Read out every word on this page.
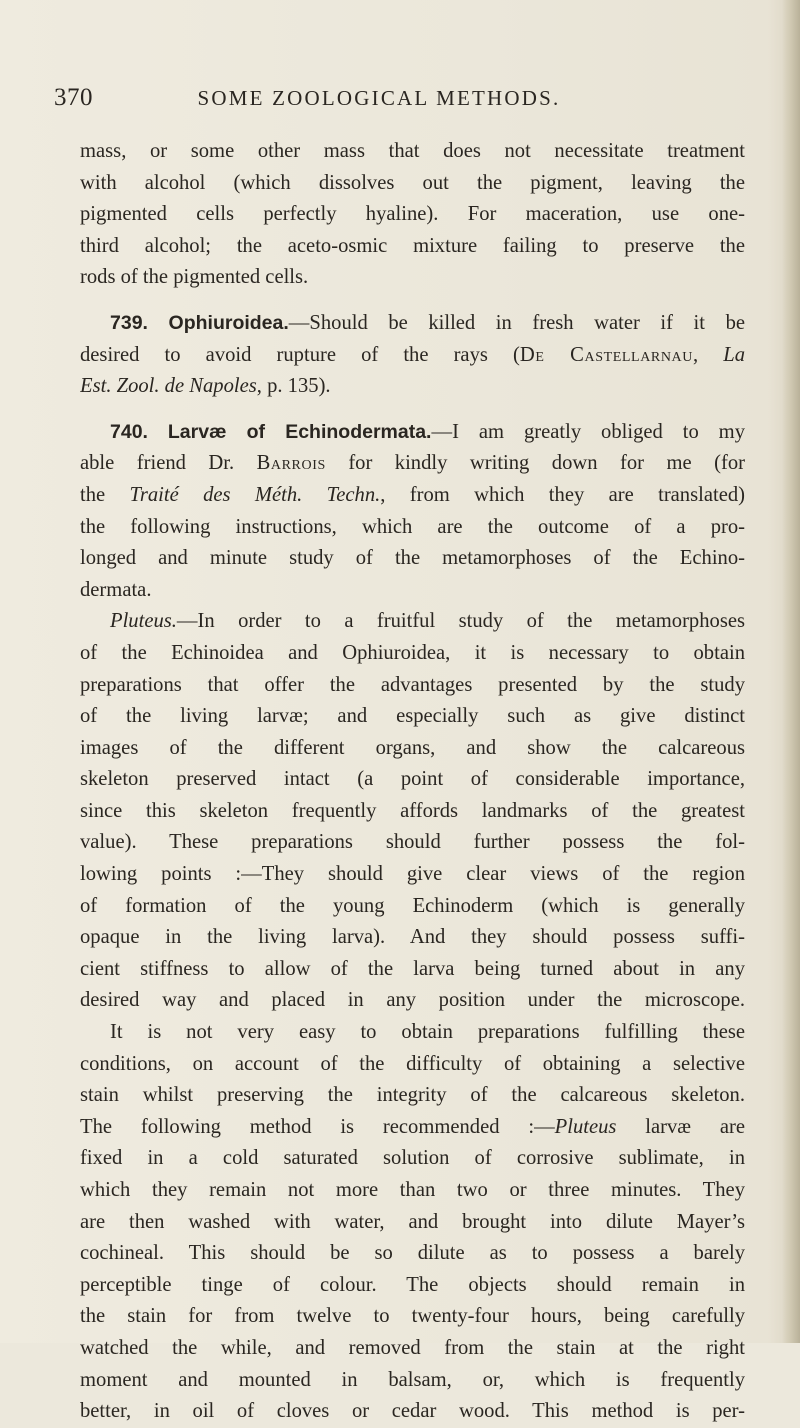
370	SOME ZOOLOGICAL METHODS.
mass, or some other mass that does not necessitate treatment
with alcohol (which dissolves out the pigment, leaving the
pigmented cells perfectly hyaline). For maceration, use one-
third alcohol; the aceto-osmic mixture failing to preserve the
rods of the pigmented cells.
739. Ophiuroidea.—Should be killed in fresh water if it be
desired to avoid rupture of the rays (De Castellarnau, La
Est. Zool. de Napoles, p. 135).
740. Larvæ of Echinodermata.—I am greatly obliged to my
able friend Dr. Barrois for kindly writing down for me (for
the Traité des Méth. Techn., from which they are translated)
the following instructions, which are the outcome of a pro-
longed and minute study of the metamorphoses of the Echino-
dermata.
Pluteus.—In order to a fruitful study of the metamorphoses
of the Echinoidea and Ophiuroidea, it is necessary to obtain
preparations that offer the advantages presented by the study
of the living larvæ; and especially such as give distinct
images of the different organs, and show the calcareous
skeleton preserved intact (a point of considerable importance,
since this skeleton frequently affords landmarks of the greatest
value). These preparations should further possess the fol-
lowing points :—They should give clear views of the region
of formation of the young Echinoderm (which is generally
opaque in the living larva). And they should possess suffi-
cient stiffness to allow of the larva being turned about in any
desired way and placed in any position under the microscope.
It is not very easy to obtain preparations fulfilling these
conditions, on account of the difficulty of obtaining a selective
stain whilst preserving the integrity of the calcareous skeleton.
The following method is recommended :—Pluteus larvæ are
fixed in a cold saturated solution of corrosive sublimate, in
which they remain not more than two or three minutes. They
are then washed with water, and brought into dilute Mayer’s
cochineal. This should be so dilute as to possess a barely
perceptible tinge of colour. The objects should remain in
the stain for from twelve to twenty-four hours, being carefully
watched the while, and removed from the stain at the right
moment and mounted in balsam, or, which is frequently
better, in oil of cloves or cedar wood. This method is per-
